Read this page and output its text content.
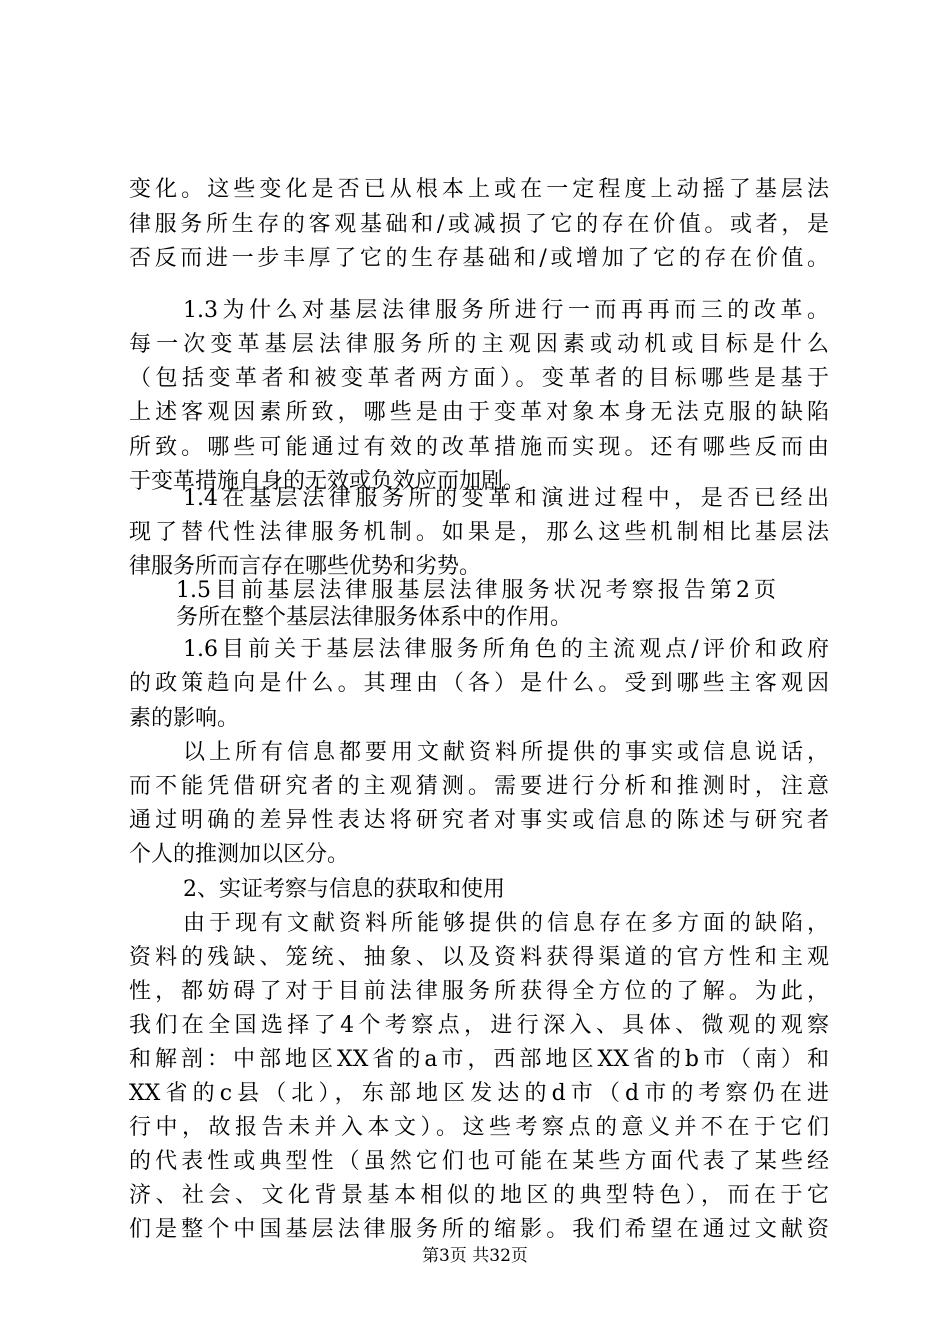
变化。这些变化是否已从根本上或在一定程度上动摇了基层法
律服务所生存的客观基础和/或减损了它的存在价值。或者，是
否反而进一步丰厚了它的生存基础和/或增加了它的存在价值。
1.3为什么对基层法律服务所进行一而再再而三的改革。
每一次变革基层法律服务所的主观因素或动机或目标是什么
（包括变革者和被变革者两方面）。变革者的目标哪些是基于
上述客观因素所致，哪些是由于变革对象本身无法克服的缺陷
所致。哪些可能通过有效的改革措施而实现。还有哪些反而由
于变革措施自身的无效或负效应而加剧。
1.4在基层法律服务所的变革和演进过程中，是否已经出
现了替代性法律服务机制。如果是，那么这些机制相比基层法
律服务所而言存在哪些优势和劣势。
1.5目前基层法律服基层法律服务状况考察报告第2页
务所在整个基层法律服务体系中的作用。
1.6目前关于基层法律服务所角色的主流观点/评价和政府
的政策趋向是什么。其理由（各）是什么。受到哪些主客观因
素的影响。
以上所有信息都要用文献资料所提供的事实或信息说话，
而不能凭借研究者的主观猜测。需要进行分析和推测时，注意
通过明确的差异性表达将研究者对事实或信息的陈述与研究者
个人的推测加以区分。
2、实证考察与信息的获取和使用
由于现有文献资料所能够提供的信息存在多方面的缺陷，
资料的残缺、笼统、抽象、以及资料获得渠道的官方性和主观
性，都妨碍了对于目前法律服务所获得全方位的了解。为此，
我们在全国选择了4个考察点，进行深入、具体、微观的观察
和解剖：中部地区XX省的a市，西部地区XX省的b市（南）和
XX省的c县（北），东部地区发达的d市（d市的考察仍在进
行中，故报告未并入本文）。这些考察点的意义并不在于它们
的代表性或典型性（虽然它们也可能在某些方面代表了某些经
济、社会、文化背景基本相似的地区的典型特色），而在于它
们是整个中国基层法律服务所的缩影。我们希望在通过文献资
第3页 共32页
